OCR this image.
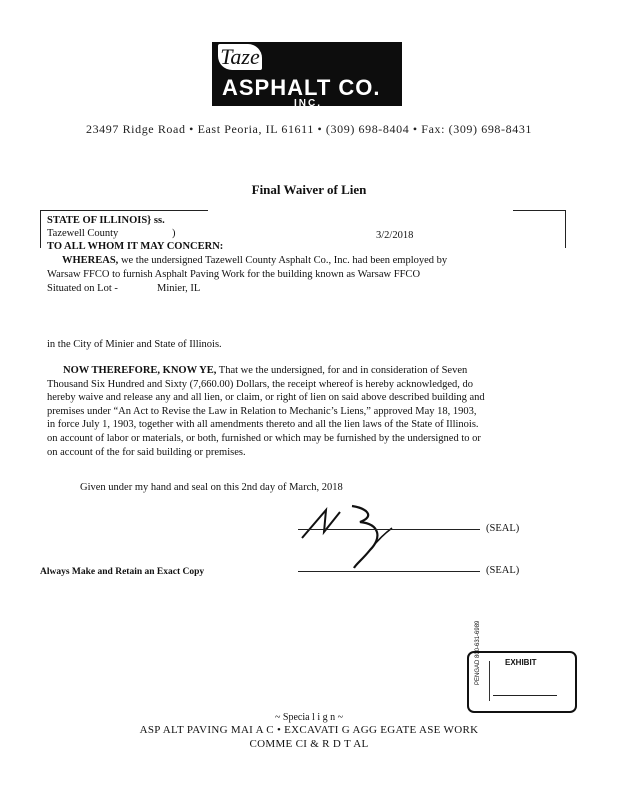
Taze
ASPHALT CO.
INC.
23497 Ridge Road • East Peoria, IL 61611 • (309) 698-8404 • Fax: (309) 698-8431
Final Waiver of Lien
STATE OF ILLINOIS} ss.
Tazewell County	)	3/2/2018
TO ALL WHOM IT MAY CONCERN:
WHEREAS, we the undersigned Tazewell County Asphalt Co., Inc. had been employed by
Warsaw FFCO to furnish Asphalt Paving Work for the building known as Warsaw FFCO
Situated on Lot -	Minier, IL
in the City of Minier and State of Illinois.
NOW THEREFORE, KNOW YE, That we the undersigned, for and in consideration of Seven
Thousand Six Hundred and Sixty (7,660.00) Dollars, the receipt whereof is hereby acknowledged, do
hereby waive and release any and all lien, or claim, or right of lien on said above described building and
premises under “An Act to Revise the Law in Relation to Mechanic’s Liens,” approved May 18, 1903,
in force July 1, 1903, together with all amendments thereto and all the lien laws of the State of Illinois.
on account of labor or materials, or both, furnished or which may be furnished by the undersigned to or
on account of the for said building or premises.
Given under my hand and seal on this 2nd day of March, 2018
(SEAL)
Always Make and Retain an Exact Copy	(SEAL)
PENGAD 800-631-6989	EXHIBIT
~ Specia l i g n ~
ASP ALT PAVING MAI A C • EXCAVATI G AGG EGATE ASE WORK
COMME CI & R D T AL
